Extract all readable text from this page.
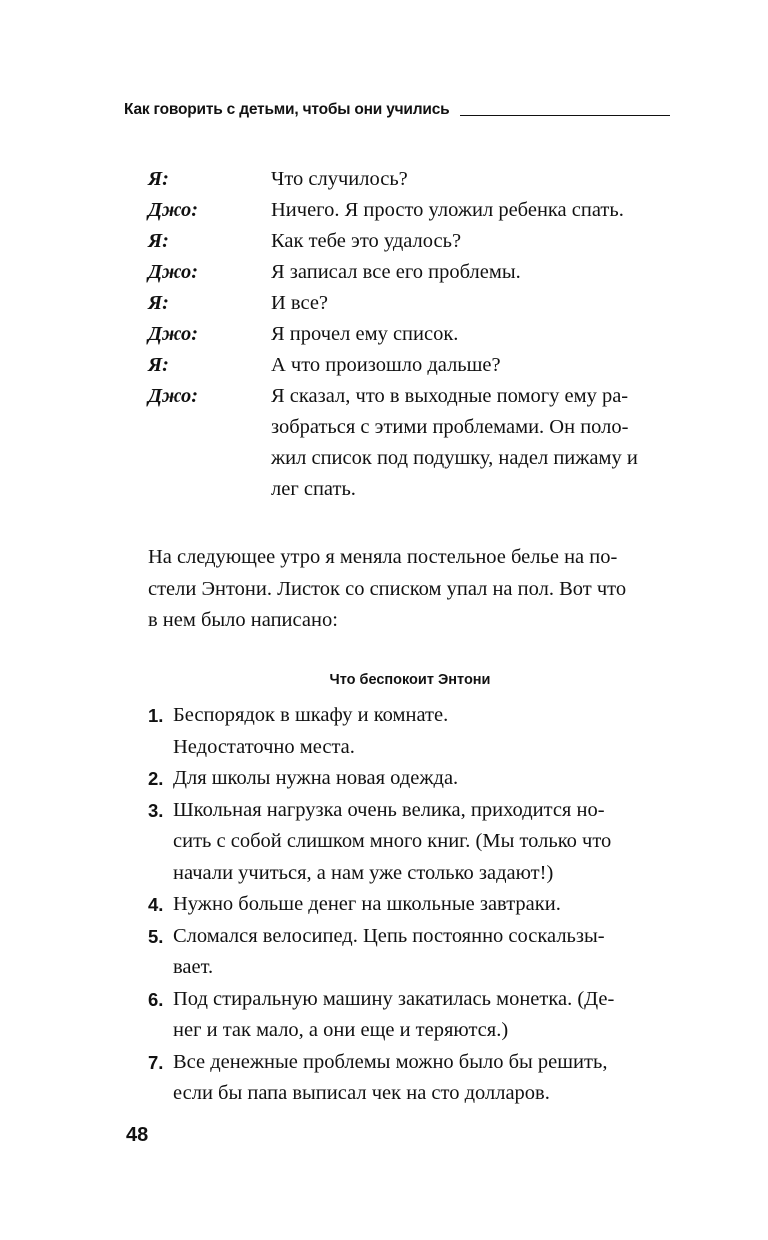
Как говорить с детьми, чтобы они учились
Я:	Что случилось?
Джо:	Ничего. Я просто уложил ребенка спать.
Я:	Как тебе это удалось?
Джо:	Я записал все его проблемы.
Я:	И все?
Джо:	Я прочел ему список.
Я:	А что произошло дальше?
Джо:	Я сказал, что в выходные помогу ему ра-
зобраться с этими проблемами. Он поло-
жил список под подушку, надел пижаму и
лег спать.
На следующее утро я меняла постельное белье на по-
стели Энтони. Листок со списком упал на пол. Вот что
в нем было написано:
Что беспокоит Энтони
1. Беспорядок в шкафу и комнате.
Недостаточно места.
2. Для школы нужна новая одежда.
3. Школьная нагрузка очень велика, приходится но-
сить с собой слишком много книг. (Мы только что
начали учиться, а нам уже столько задают!)
4. Нужно больше денег на школьные завтраки.
5. Сломался велосипед. Цепь постоянно соскальзы-
вает.
6. Под стиральную машину закатилась монетка. (Де-
нег и так мало, а они еще и теряются.)
7. Все денежные проблемы можно было бы решить,
если бы папа выписал чек на сто долларов.
48
